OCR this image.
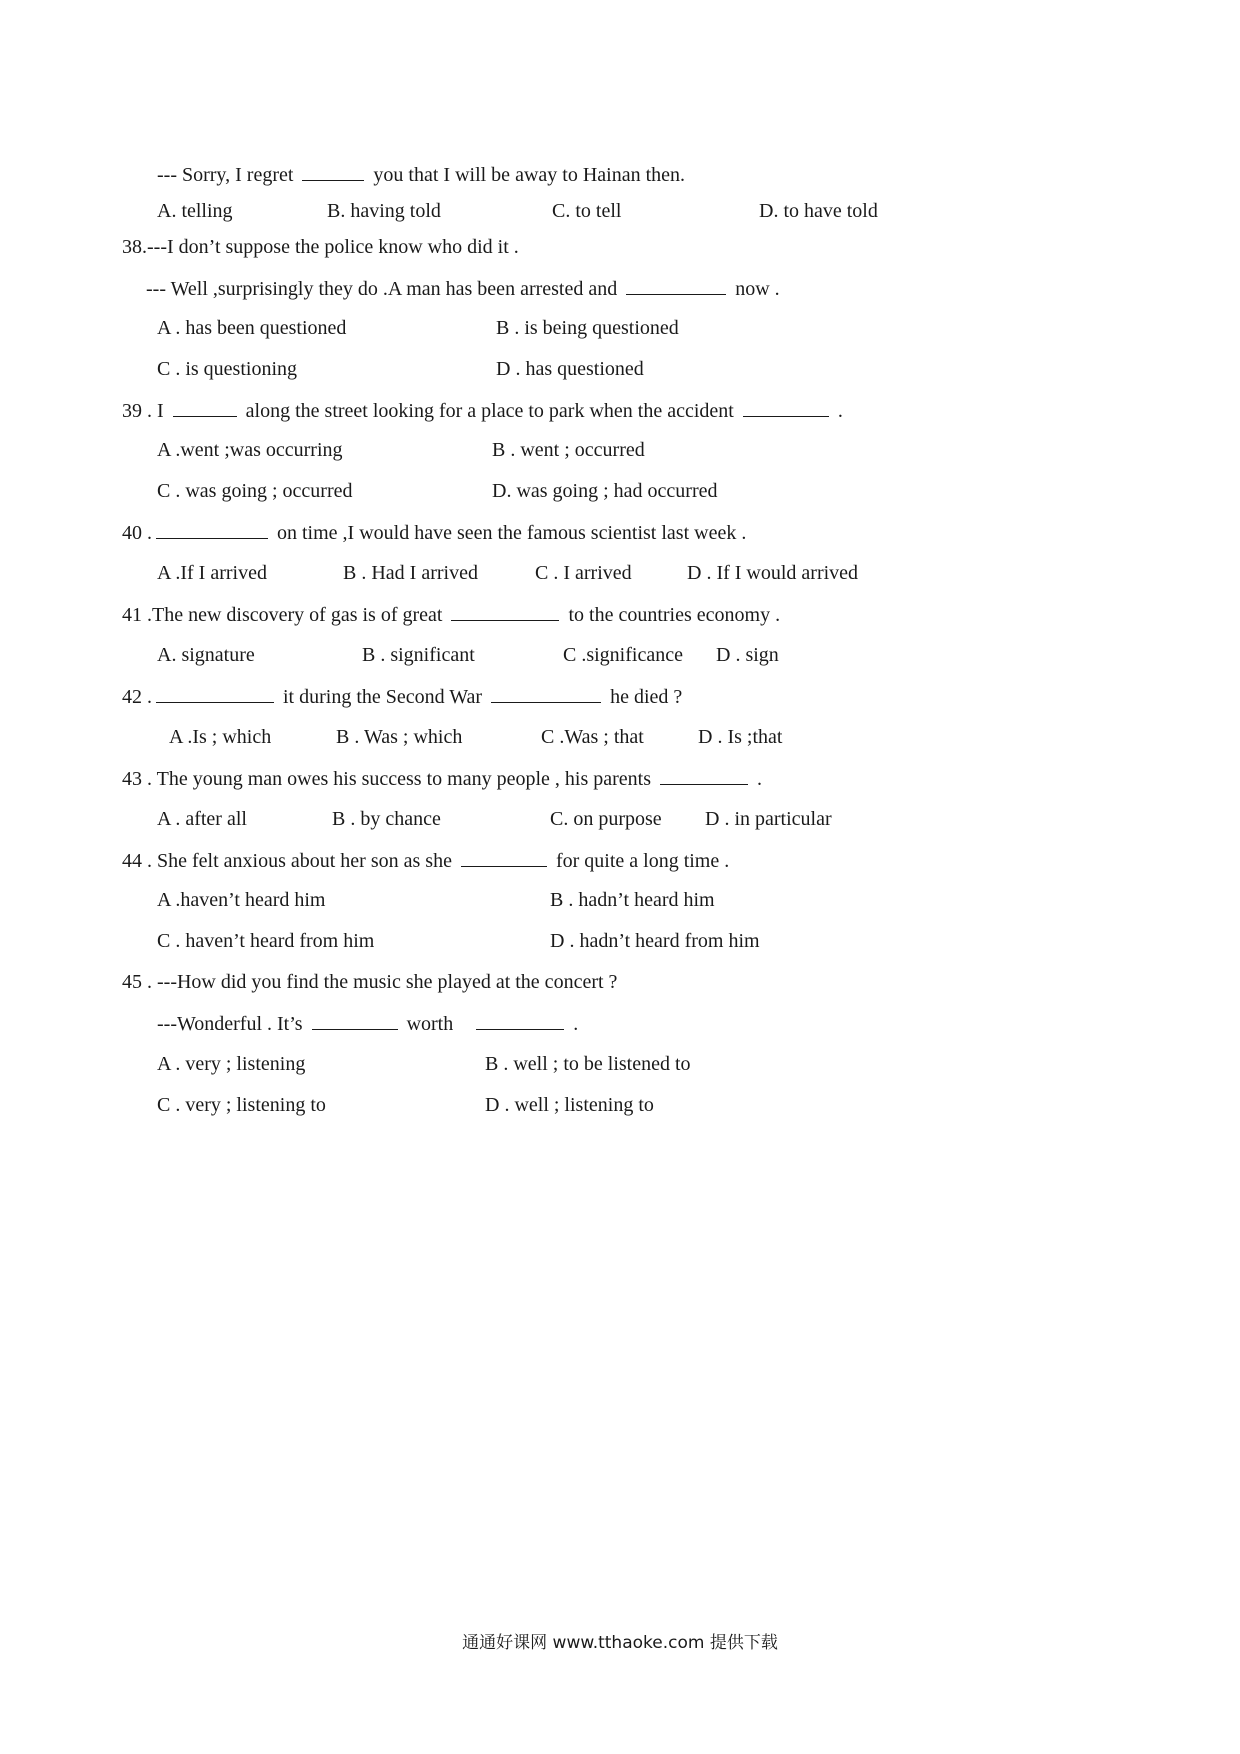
--- Sorry, I regret	you that I will be away to Hainan then.
A. telling	B. having told	C. to tell	D. to have told
38.---I don’t suppose the police know who did it .
--- Well ,surprisingly they do .A man has been arrested and	now .
A . has been questioned	B . is being questioned
C . is questioning	D . has questioned
39 . I	along the street looking for a place to park when the accident	.
A .went ;was occurring	B . went ; occurred
C . was going ; occurred	D. was going ; had occurred
40 .	on time ,I would have seen the famous scientist last week .
A .If I arrived	B . Had I arrived	C . I arrived	D . If I would arrived
41 .The new discovery of gas is of great	to the countries economy .
A. signature	B . significant	C .significance D . sign
42 .	it during the Second War	he died ?
A .Is ; which	B . Was ; which	C .Was ; that	D . Is ;that
43 . The young man owes his success to many people , his parents	.
A . after all	B . by chance	C. on purpose D . in particular
44 . She felt anxious about her son as she	for quite a long time .
A .haven’t heard him	B . hadn’t heard him
C . haven’t heard from him	D . hadn’t heard from him
45 . ---How did you find the music she played at the concert ?
---Wonderful . It’s	worth	.
A . very ; listening	B . well ; to be listened to
C . very ; listening to	D . well ; listening to
通通好课网 www.tthaoke.com 提供下载
